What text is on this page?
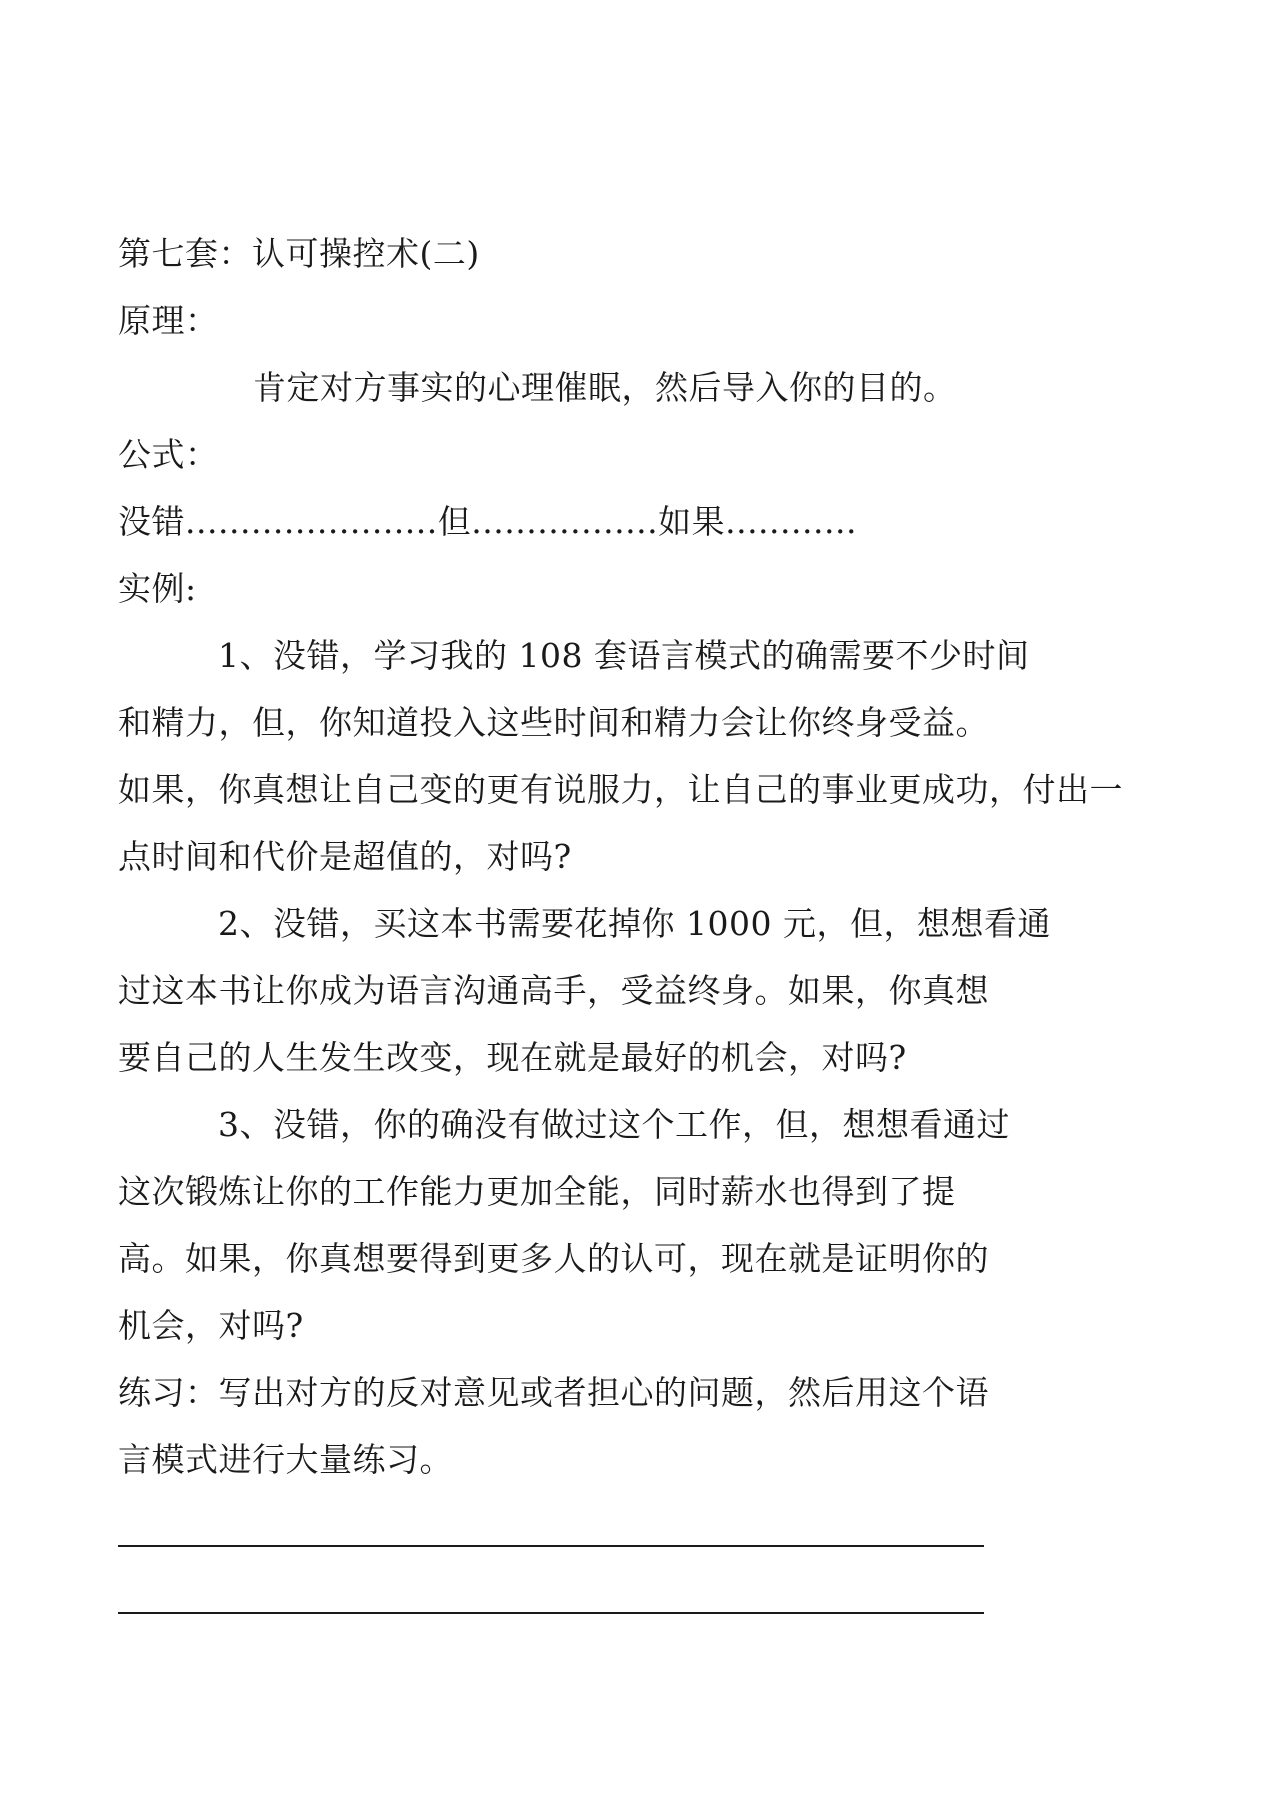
第七套：认可操控术(二)
原理：
肯定对方事实的心理催眠，然后导入你的目的。
公式：
没错.......................但.................如果............
实例:
1、没错，学习我的 108 套语言模式的确需要不少时间
和精力，但，你知道投入这些时间和精力会让你终身受益。
如果，你真想让自己变的更有说服力，让自己的事业更成功，付出一
点时间和代价是超值的，对吗?
2、没错，买这本书需要花掉你 1000 元，但，想想看通
过这本书让你成为语言沟通高手，受益终身。如果，你真想
要自己的人生发生改变，现在就是最好的机会，对吗?
3、没错，你的确没有做过这个工作，但，想想看通过
这次锻炼让你的工作能力更加全能，同时薪水也得到了提
高。如果，你真想要得到更多人的认可，现在就是证明你的
机会，对吗?
练习：写出对方的反对意见或者担心的问题，然后用这个语
言模式进行大量练习。
